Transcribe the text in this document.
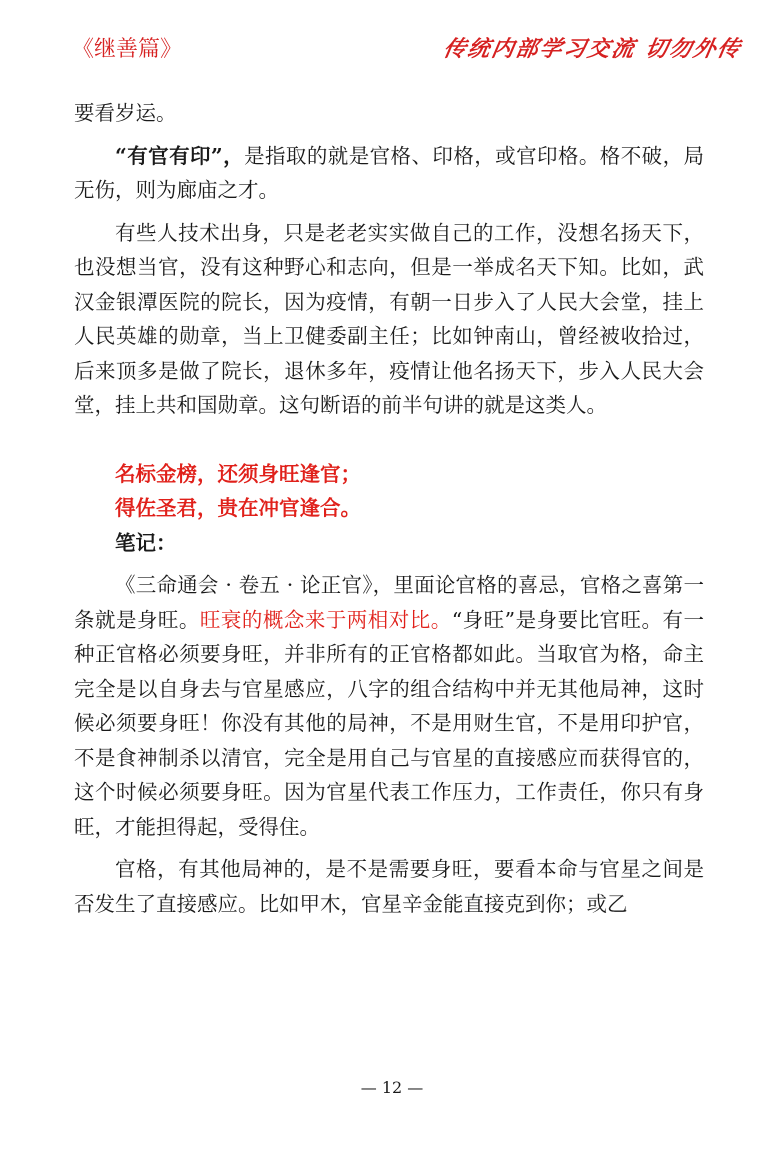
《继善篇》	传统内部学习交流 切勿外传

要看岁运。

“有官有印”，是指取的就是官格、印格，或官印格。格不破，局无伤，则为廊庙之才。

有些人技术出身，只是老老实实做自己的工作，没想名扬天下，也没想当官，没有这种野心和志向，但是一举成名天下知。比如，武汉金银潭医院的院长，因为疫情，有朝一日步入了人民大会堂，挂上人民英雄的勋章，当上卫健委副主任；比如钟南山，曾经被收拾过，后来顶多是做了院长，退休多年，疫情让他名扬天下，步入人民大会堂，挂上共和国勋章。这句断语的前半句讲的就是这类人。

名标金榜，还须身旺逢官；

得佐圣君，贵在冲官逢合。

笔记：

《三命通会 · 卷五 · 论正官》，里面论官格的喜忌，官格之喜第一条就是身旺。旺衰的概念来于两相对比。“身旺”是身要比官旺。有一种正官格必须要身旺，并非所有的正官格都如此。当取官为格，命主完全是以自身去与官星感应，八字的组合结构中并无其他局神，这时候必须要身旺！你没有其他的局神，不是用财生官，不是用印护官，不是食神制杀以清官，完全是用自己与官星的直接感应而获得官的，这个时候必须要身旺。因为官星代表工作压力，工作责任，你只有身旺，才能担得起，受得住。

官格，有其他局神的，是不是需要身旺，要看本命与官星之间是否发生了直接感应。比如甲木，官星辛金能直接克到你；或乙

— 12 —
